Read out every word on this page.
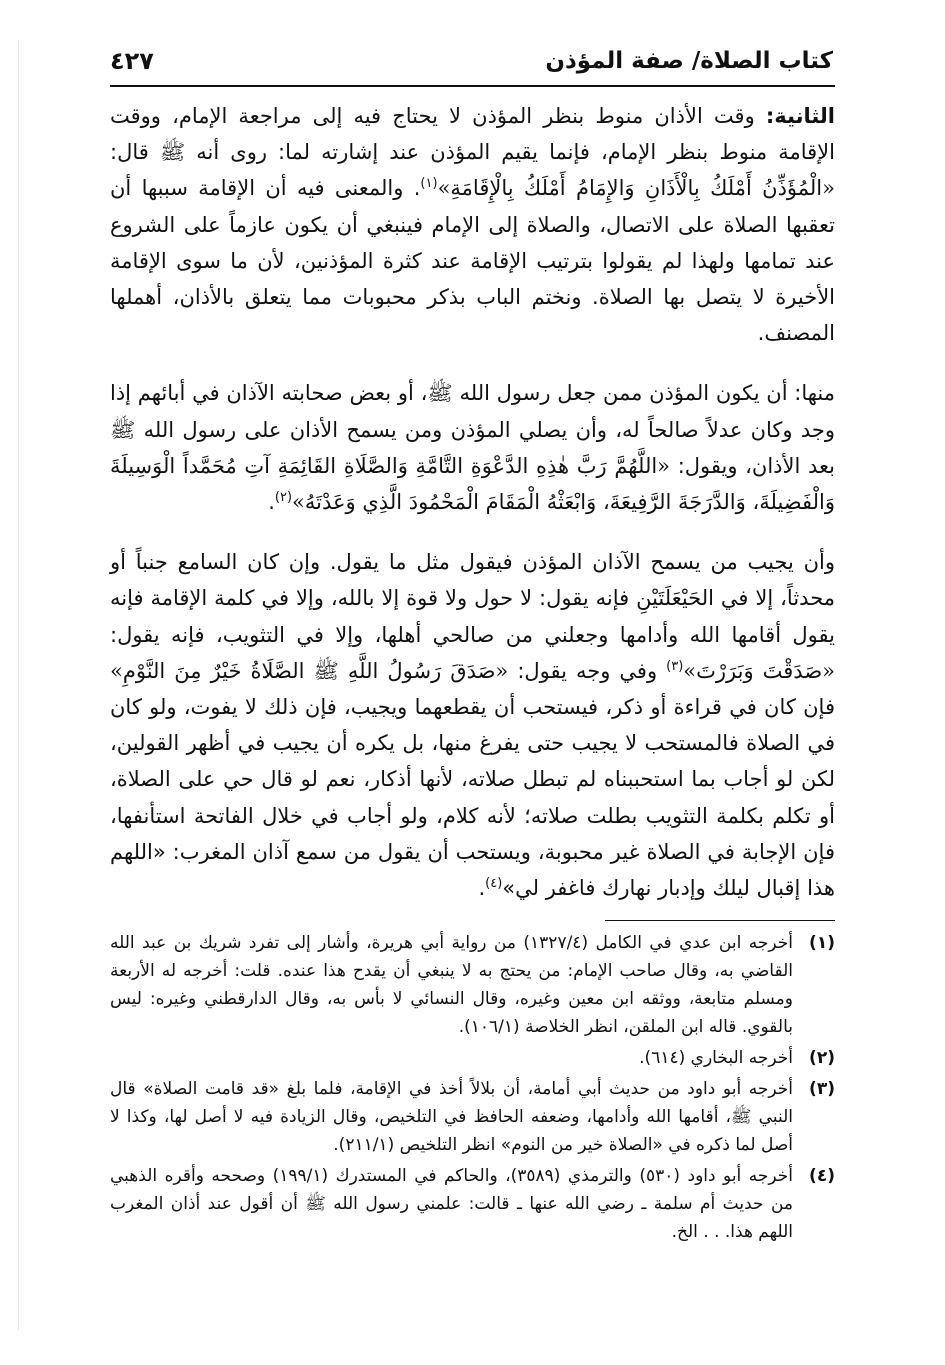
كتاب الصلاة/ صفة المؤذن
٤٢٧

الثانية: وقت الأذان منوط بنظر المؤذن لا يحتاج فيه إلى مراجعة الإمام، ووقت الإقامة منوط بنظر الإمام، فإنما يقيم المؤذن عند إشارته لما: روى أنه ﷺ قال: «الْمُؤَذِّنُ أَمْلَكُ بِالْأَذَانِ وَالإِمَامُ أَمْلَكُ بِالْإِقَامَةِ»$^{(١)}$. والمعنى فيه أن الإقامة سببها أن تعقبها الصلاة على الاتصال، والصلاة إلى الإمام فينبغي أن يكون عازماً على الشروع عند تمامها ولهذا لم يقولوا بترتيب الإقامة عند كثرة المؤذنين، لأن ما سوى الإقامة الأخيرة لا يتصل بها الصلاة. ونختم الباب بذكر محبوبات مما يتعلق بالأذان، أهملها المصنف.

منها: أن يكون المؤذن ممن جعل رسول الله ﷺ، أو بعض صحابته الآذان في أبائهم إذا وجد وكان عدلاً صالحاً له، وأن يصلي المؤذن ومن يسمح الأذان على رسول الله ﷺ بعد الأذان، ويقول: «اللَّهُمَّ رَبَّ هٰذِهِ الدَّعْوَةِ التَّامَّةِ وَالصَّلَاةِ القَائِمَةِ آتِ مُحَمَّداً الْوَسِيلَةَ وَالْفَضِيلَةَ، وَالدَّرَجَةَ الرَّفِيعَةَ، وَابْعَثْهُ الْمَقَامَ الْمَحْمُودَ الَّذِي وَعَدْتَهُ»$^{(٢)}$.

وأن يجيب من يسمح الآذان المؤذن فيقول مثل ما يقول. وإن كان السامع جنباً أو محدثاً، إلا في الحَيْعَلَتَيْنِ فإنه يقول: لا حول ولا قوة إلا بالله، وإلا في كلمة الإقامة فإنه يقول أقامها الله وأدامها وجعلني من صالحي أهلها، وإلا في التثويب، فإنه يقول: «صَدَقْتَ وَبَرَرْتَ»$^{(٣)}$ وفي وجه يقول: «صَدَقَ رَسُولُ اللَّهِ ﷺ الصَّلَاةُ خَيْرٌ مِنَ النَّوْمِ» فإن كان في قراءة أو ذكر، فيستحب أن يقطعهما ويجيب، فإن ذلك لا يفوت، ولو كان في الصلاة فالمستحب لا يجيب حتى يفرغ منها، بل يكره أن يجيب في أظهر القولين، لكن لو أجاب بما استحببناه لم تبطل صلاته، لأنها أذكار، نعم لو قال حي على الصلاة، أو تكلم بكلمة التثويب بطلت صلاته؛ لأنه كلام، ولو أجاب في خلال الفاتحة استأنفها، فإن الإجابة في الصلاة غير محبوبة، ويستحب أن يقول من سمع آذان المغرب: «اللهم هذا إقبال ليلك وإدبار نهارك فاغفر لي»$^{(٤)}$.

(١)
أخرجه ابن عدي في الكامل (١٣٢٧/٤) من رواية أبي هريرة، وأشار إلى تفرد شريك بن عبد الله القاضي به، وقال صاحب الإمام: من يحتج به لا ينبغي أن يقدح هذا عنده. قلت: أخرجه له الأربعة ومسلم متابعة، ووثقه ابن معين وغيره، وقال النسائي لا بأس به، وقال الدارقطني وغيره: ليس بالقوي. قاله ابن الملقن، انظر الخلاصة (١٠٦/١).
(٢)
أخرجه البخاري (٦١٤).
(٣)
أخرجه أبو داود من حديث أبي أمامة، أن بلالاً أخذ في الإقامة، فلما بلغ «قد قامت الصلاة» قال النبي ﷺ، أقامها الله وأدامها، وضعفه الحافظ في التلخيص، وقال الزيادة فيه لا أصل لها، وكذا لا أصل لما ذكره في «الصلاة خير من النوم» انظر التلخيص (٢١١/١).
(٤)
أخرجه أبو داود (٥٣٠) والترمذي (٣٥٨٩)، والحاكم في المستدرك (١٩٩/١) وصححه وأقره الذهبي من حديث أم سلمة ـ رضي الله عنها ـ قالت: علمني رسول الله ﷺ أن أقول عند أذان المغرب اللهم هذا. . . الخ.
